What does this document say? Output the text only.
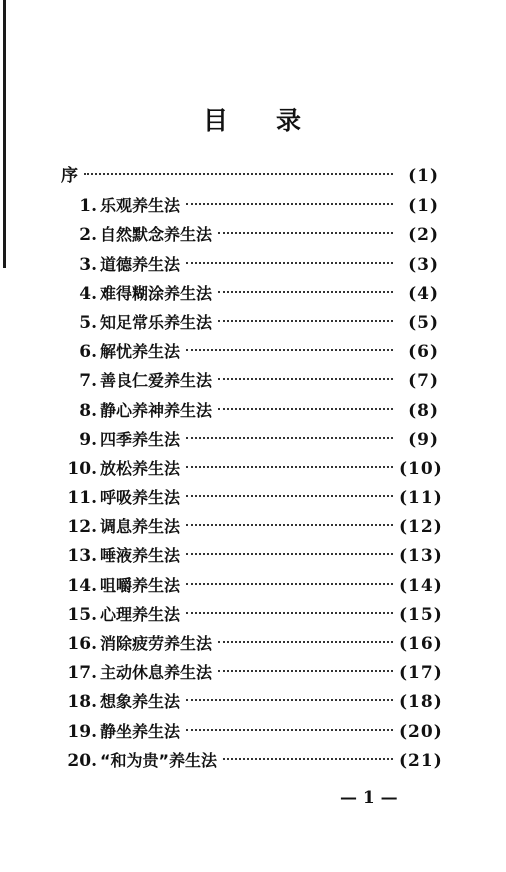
目 录
序	(1)
1. 乐观养生法	(1)
2. 自然默念养生法	(2)
3. 道德养生法	(3)
4. 难得糊涂养生法	(4)
5. 知足常乐养生法	(5)
6. 解忧养生法	(6)
7. 善良仁爱养生法	(7)
8. 静心养神养生法	(8)
9. 四季养生法	(9)
10. 放松养生法	(10)
11. 呼吸养生法	(11)
12. 调息养生法	(12)
13. 唾液养生法	(13)
14. 咀嚼养生法	(14)
15. 心理养生法	(15)
16. 消除疲劳养生法	(16)
17. 主动休息养生法	(17)
18. 想象养生法	(18)
19. 静坐养生法	(20)
20. “和为贵”养生法	(21)
— 1 —
